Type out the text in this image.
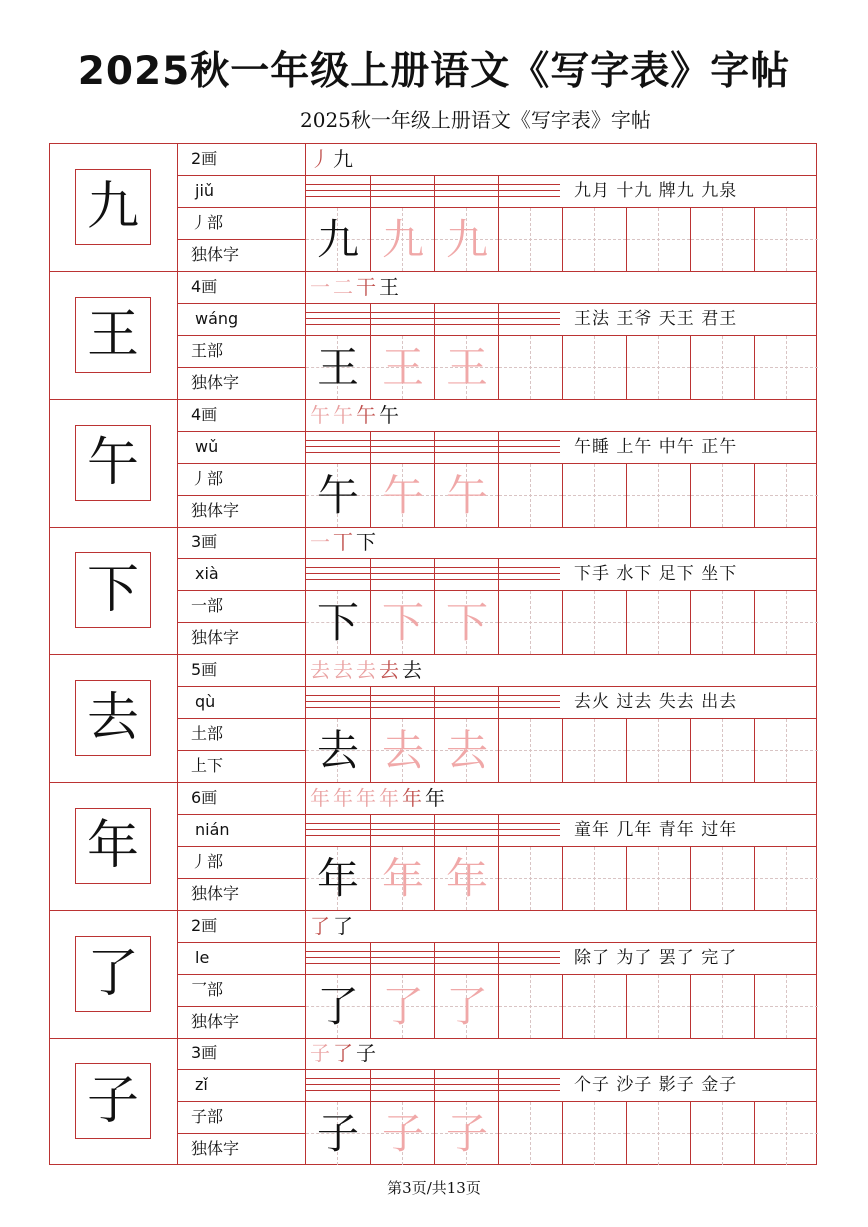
2025秋一年级上册语文《写字表》字帖
2025秋一年级上册语文《写字表》字帖
九
2画
jiǔ
丿部
独体字
丿 九
九月 十九 牌九 九泉
九 九 九
王
4画
wáng
王部
独体字
一 二 干 王
王法 王爷 天王 君王
王 王 王
午
4画
wǔ
丿部
独体字
午 午 午 午
午睡 上午 中午 正午
午 午 午
下
3画
xià
一部
独体字
一 丅 下
下手 水下 足下 坐下
下 下 下
去
5画
qù
土部
上下
去 去 去 去 去
去火 过去 失去 出去
去 去 去
年
6画
nián
丿部
独体字
年 年 年 年 年 年
童年 几年 青年 过年
年 年 年
了
2画
le
乛部
独体字
了 了
除了 为了 罢了 完了
了 了 了
子
3画
zǐ
子部
独体字
子 了 子
个子 沙子 影子 金子
子 子 子
第3页/共13页
